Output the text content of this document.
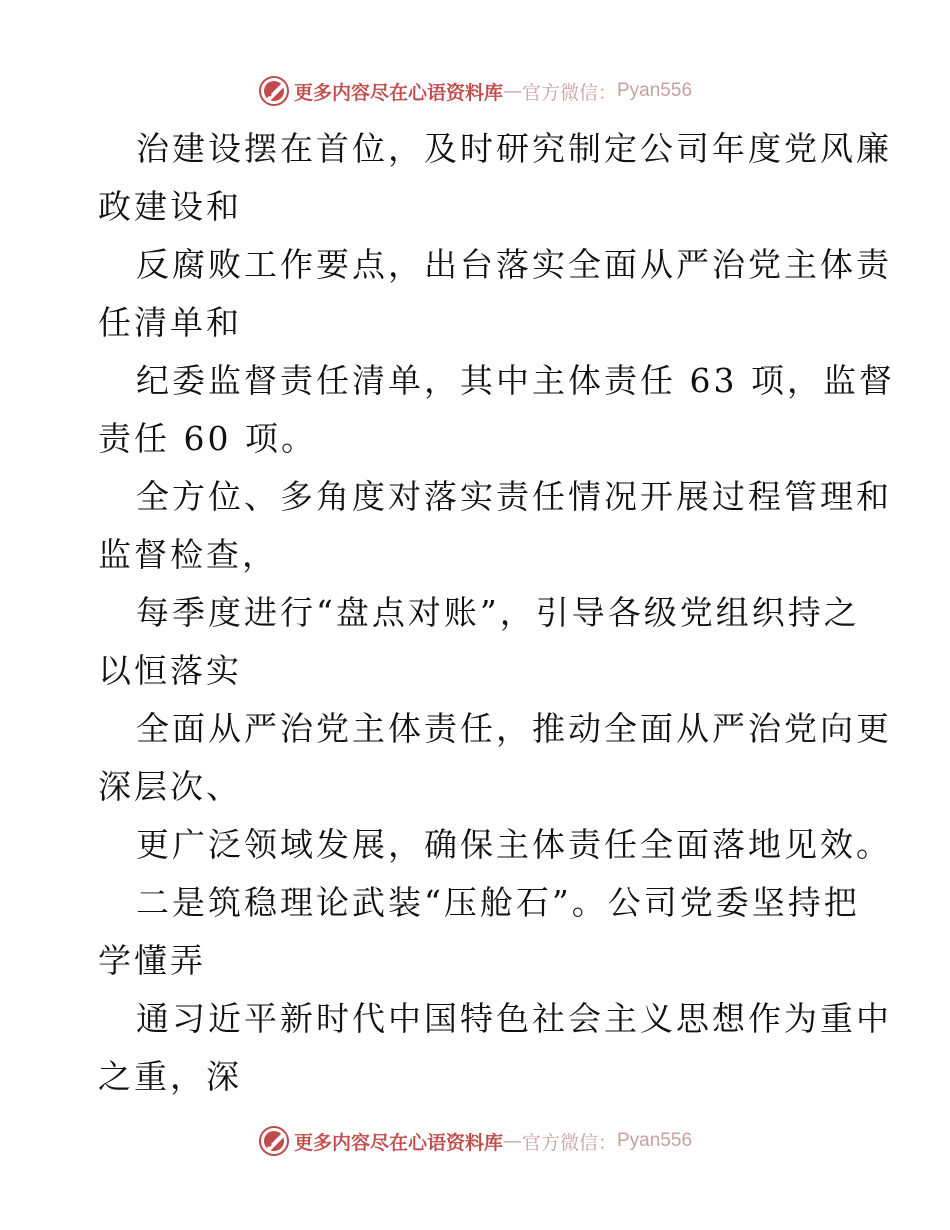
更多内容尽在心语资料库 — 官方微信： Pyan556
治建设摆在首位，及时研究制定公司年度党风廉
政建设和
反腐败工作要点，出台落实全面从严治党主体责
任清单和
纪委监督责任清单，其中主体责任 63 项，监督
责任 60 项。
全方位、多角度对落实责任情况开展过程管理和
监督检查，
每季度进行“盘点对账”，引导各级党组织持之
以恒落实
全面从严治党主体责任，推动全面从严治党向更
深层次、
更广泛领域发展，确保主体责任全面落地见效。
二是筑稳理论武装“压舱石”。公司党委坚持把
学懂弄
通习近平新时代中国特色社会主义思想作为重中
之重，深
更多内容尽在心语资料库 — 官方微信： Pyan556
